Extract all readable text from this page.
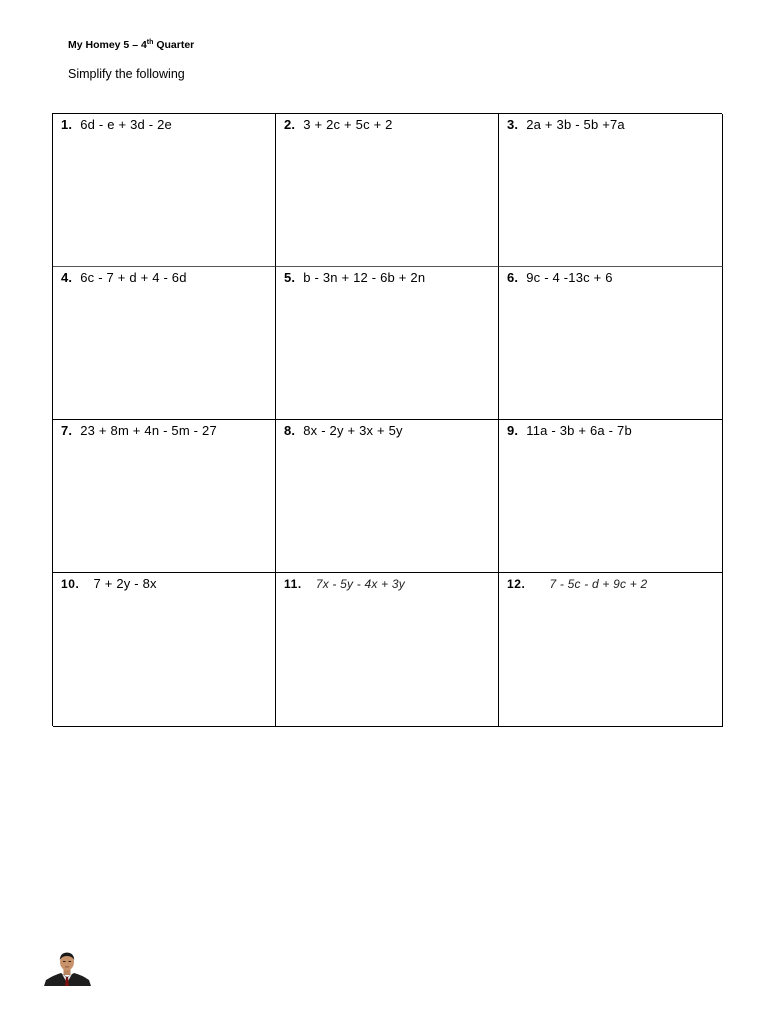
My Homey 5 – 4th Quarter
Simplify the following
1. 6d - e + 3d - 2e	2. 3 + 2c + 5c + 2	3. 2a + 3b - 5b +7a
4. 6c - 7 + d + 4 - 6d	5. b - 3n + 12 - 6b + 2n	6. 9c - 4 -13c + 6
7. 23 + 8m + 4n - 5m - 27	8. 8x - 2y + 3x + 5y	9. 11a - 3b + 6a - 7b
10. 7 + 2y - 8x	11. 7x - 5y - 4x + 3y	12. 7 - 5c - d + 9c + 2
